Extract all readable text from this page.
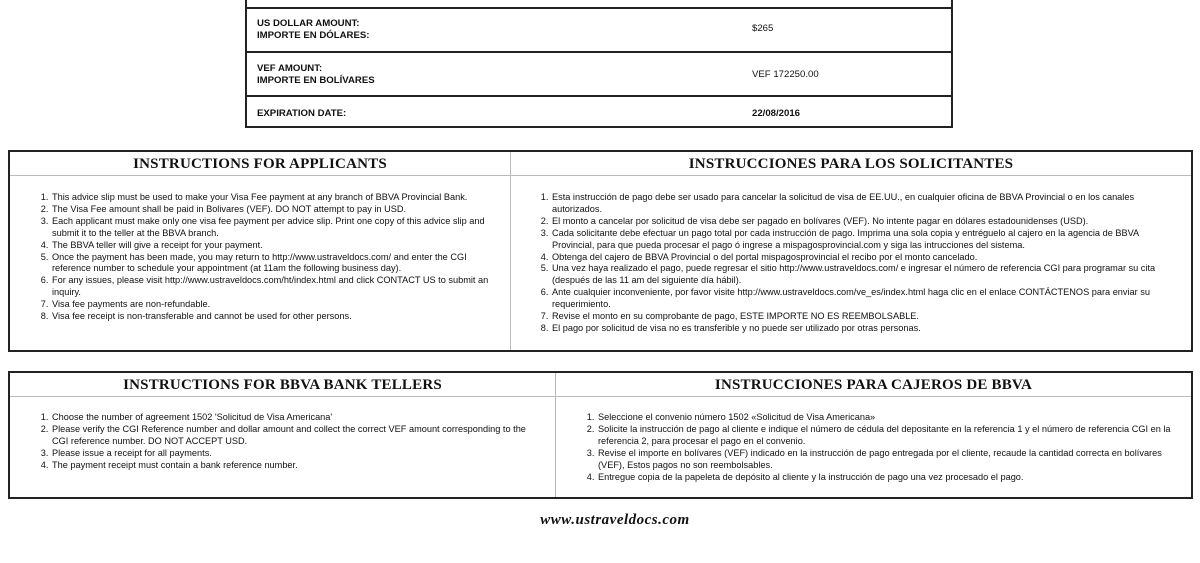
US DOLLAR AMOUNT:
IMPORTE EN DÓLARES:
$265
VEF AMOUNT:
IMPORTE EN BOLÍVARES
VEF 172250.00
EXPIRATION DATE:	22/08/2016
INSTRUCTIONS FOR APPLICANTS
1. This advice slip must be used to make your Visa Fee payment at any branch of BBVA Provincial Bank.
2. The Visa Fee amount shall be paid in Bolivares (VEF). DO NOT attempt to pay in USD.
3. Each applicant must make only one visa fee payment per advice slip. Print one copy of this advice slip and submit it to the teller at the BBVA branch.
4. The BBVA teller will give a receipt for your payment.
5. Once the payment has been made, you may return to http://www.ustraveldocs.com/ and enter the CGI reference number to schedule your appointment (at 11am the following business day).
6. For any issues, please visit http://www.ustraveldocs.com/ht/index.html and click CONTACT US to submit an inquiry.
7. Visa fee payments are non-refundable.
8. Visa fee receipt is non-transferable and cannot be used for other persons.
INSTRUCCIONES PARA LOS SOLICITANTES
1. Esta instrucción de pago debe ser usado para cancelar la solicitud de visa de EE.UU., en cualquier oficina de BBVA Provincial o en los canales autorizados.
2. El monto a cancelar por solicitud de visa debe ser pagado en bolívares (VEF). No intente pagar en dólares estadounidenses (USD).
3. Cada solicitante debe efectuar un pago total por cada instrucción de pago. Imprima una sola copia y entréguelo al cajero en la agencia de BBVA Provincial, para que pueda procesar el pago ó ingrese a mispagosprovincial.com y siga las intrucciones del sistema.
4. Obtenga del cajero de BBVA Provincial o del portal mispagosprovincial el recibo por el monto cancelado.
5. Una vez haya realizado el pago, puede regresar el sitio http://www.ustraveldocs.com/ e ingresar el número de referencia CGI para programar su cita (después de las 11 am del siguiente día hábil).
6. Ante cualquier inconveniente, por favor visite http://www.ustraveldocs.com/ve_es/index.html haga clic en el enlace CONTÁCTENOS para enviar su requerimiento.
7. Revise el monto en su comprobante de pago, ESTE IMPORTE NO ES REEMBOLSABLE.
8. El pago por solicitud de visa no es transferible y no puede ser utilizado por otras personas.
INSTRUCTIONS FOR BBVA BANK TELLERS
1. Choose the number of agreement 1502 'Solicitud de Visa Americana'
2. Please verify the CGI Reference number and dollar amount and collect the correct VEF amount corresponding to the CGI reference number. DO NOT ACCEPT USD.
3. Please issue a receipt for all payments.
4. The payment receipt must contain a bank reference number.
INSTRUCCIONES PARA CAJEROS DE BBVA
1. Seleccione el convenio número 1502 «Solicitud de Visa Americana»
2. Solicite la instrucción de pago al cliente e indique el número de cédula del depositante en la referencia 1 y el número de referencia CGI en la referencia 2, para procesar el pago en el convenio.
3. Revise el importe en bolívares (VEF) indicado en la instrucción de pago entregada por el cliente, recaude la cantidad correcta en bolívares (VEF), Estos pagos no son reembolsables.
4. Entregue copia de la papeleta de depósito al cliente y la instrucción de pago una vez procesado el pago.
www.ustraveldocs.com
